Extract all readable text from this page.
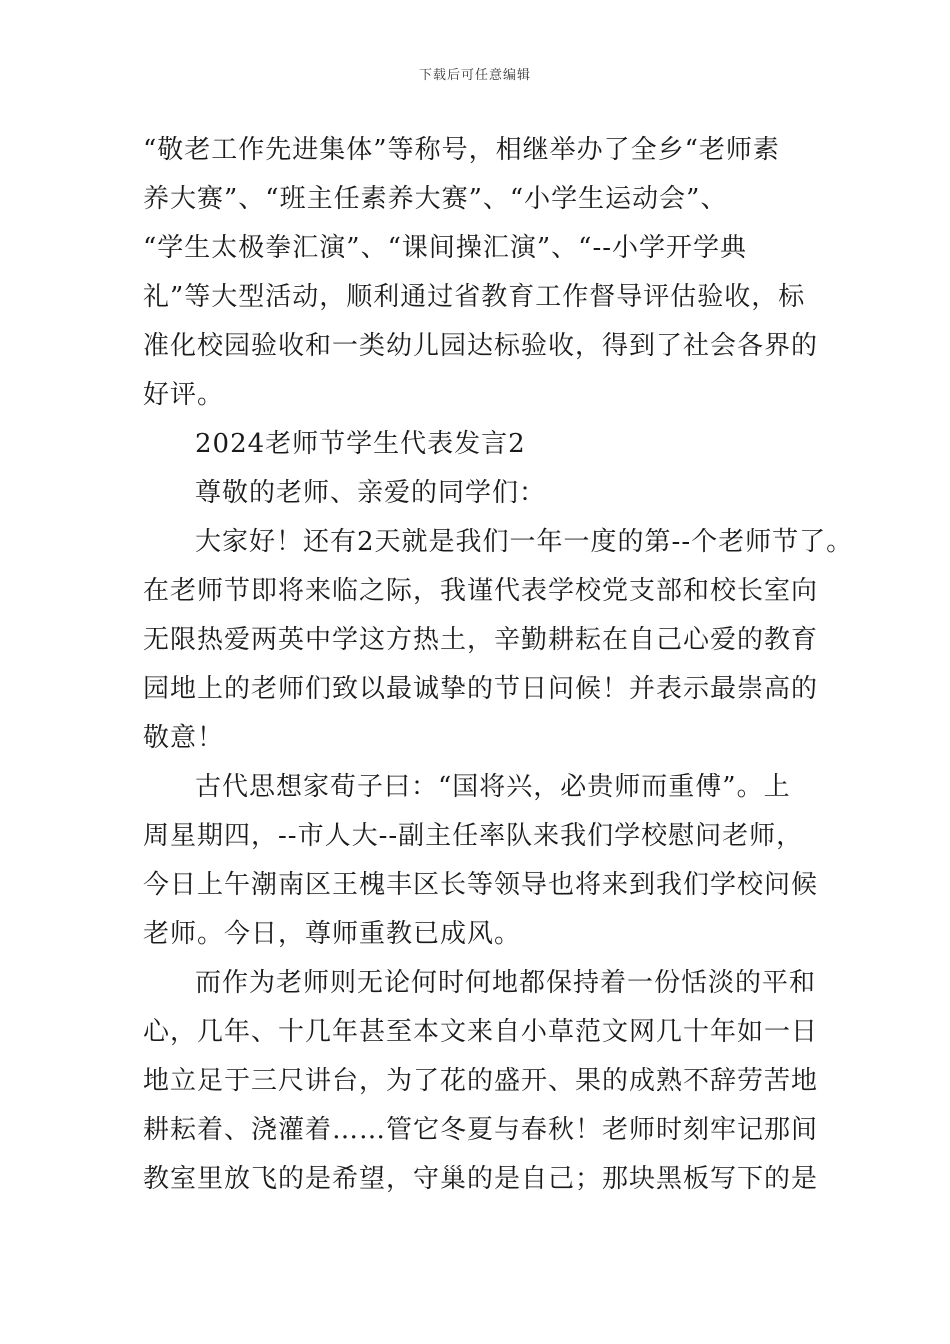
下载后可任意编辑
“敬老工作先进集体”等称号，相继举办了全乡“老师素
养大赛”、“班主任素养大赛”、“小学生运动会”、
“学生太极拳汇演”、“课间操汇演”、“--小学开学典
礼”等大型活动，顺利通过省教育工作督导评估验收，标
准化校园验收和一类幼儿园达标验收，得到了社会各界的
好评。
2024老师节学生代表发言2
尊敬的老师、亲爱的同学们：
大家好！还有2天就是我们一年一度的第--个老师节了。
在老师节即将来临之际，我谨代表学校党支部和校长室向
无限热爱两英中学这方热土，辛勤耕耘在自己心爱的教育
园地上的老师们致以最诚挚的节日问候！并表示最崇高的
敬意！
古代思想家荀子曰：“国将兴，必贵师而重傅”。上
周星期四，--市人大--副主任率队来我们学校慰问老师，
今日上午潮南区王槐丰区长等领导也将来到我们学校问候
老师。今日，尊师重教已成风。
而作为老师则无论何时何地都保持着一份恬淡的平和
心，几年、十几年甚至本文来自小草范文网几十年如一日
地立足于三尺讲台，为了花的盛开、果的成熟不辞劳苦地
耕耘着、浇灌着……管它冬夏与春秋！老师时刻牢记那间
教室里放飞的是希望，守巢的是自己；那块黑板写下的是
